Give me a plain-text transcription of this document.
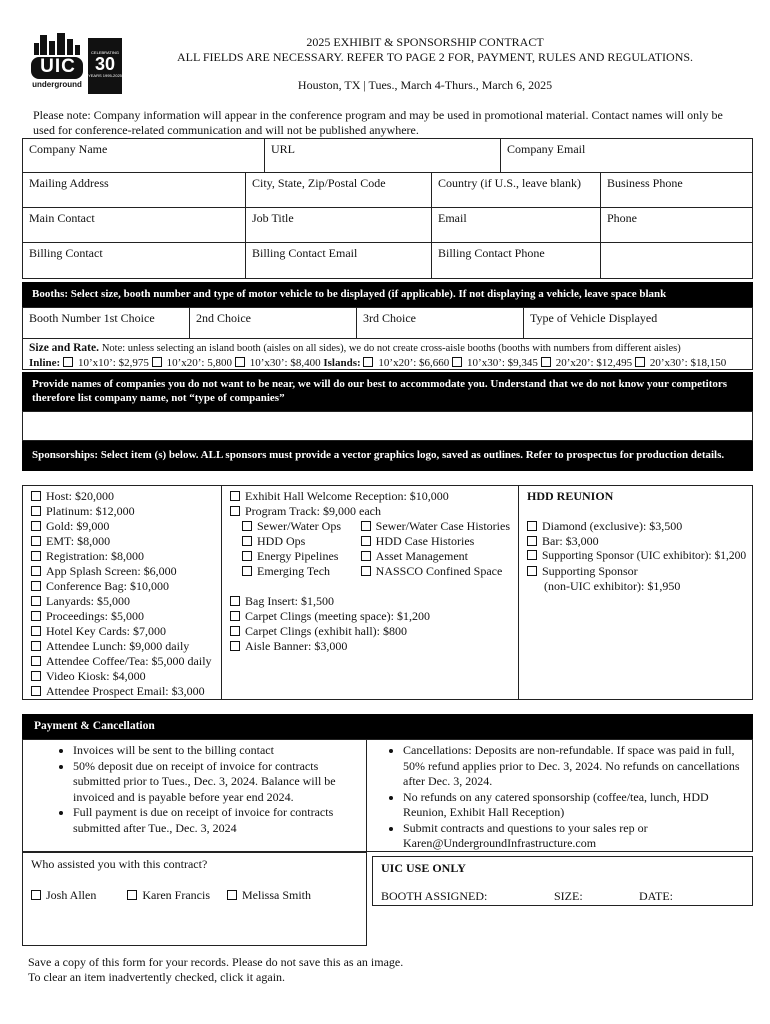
UIC
underground
CELEBRATING
30
YEARS 1995-2025
2025 EXHIBIT & SPONSORSHIP CONTRACT
ALL FIELDS ARE NECESSARY. REFER TO PAGE 2 FOR, PAYMENT, RULES AND REGULATIONS.
Houston, TX | Tues., March 4-Thurs., March 6, 2025
Please note: Company information will appear in the conference program and may be used in promotional material. Contact names will only be used for conference-related communication and will not be published anywhere.
Company Name	URL	Company Email
Mailing Address	City, State, Zip/Postal Code	Country (if U.S., leave blank)	Business Phone
Main Contact	Job Title	Email	Phone
Billing Contact	Billing Contact Email	Billing Contact Phone
Booths: Select size, booth number and type of motor vehicle to be displayed (if applicable). If not displaying a vehicle, leave space blank
Booth Number 1st Choice	2nd Choice	3rd Choice	Type of Vehicle Displayed
Size and Rate. Note: unless selecting an island booth (aisles on all sides), we do not create cross-aisle booths (booths with numbers from different aisles)
Inline: 10’x10’: $2,975 10’x20’: 5,800 10’x30’: $8,400 Islands: 10’x20’: $6,660 10’x30’: $9,345 20’x20’: $12,495 20’x30’: $18,150
Provide names of companies you do not want to be near, we will do our best to accommodate you. Understand that we do not know your competitors therefore list company name, not “type of companies”
Sponsorships: Select item (s) below. ALL sponsors must provide a vector graphics logo, saved as outlines. Refer to prospectus for production details.
Host: $20,000
Platinum: $12,000
Gold: $9,000
EMT: $8,000
Registration: $8,000
App Splash Screen: $6,000
Conference Bag: $10,000
Lanyards: $5,000
Proceedings: $5,000
Hotel Key Cards: $7,000
Attendee Lunch: $9,000 daily
Attendee Coffee/Tea: $5,000 daily
Video Kiosk: $4,000
Attendee Prospect Email: $3,000
Exhibit Hall Welcome Reception: $10,000
Program Track: $9,000 each
Sewer/Water Ops
HDD Ops
Energy Pipelines
Emerging Tech
Sewer/Water Case Histories
HDD Case Histories
Asset Management
NASSCO Confined Space
Bag Insert: $1,500
Carpet Clings (meeting space): $1,200
Carpet Clings (exhibit hall): $800
Aisle Banner: $3,000
HDD REUNION
Diamond (exclusive): $3,500
Bar: $3,000
Supporting Sponsor (UIC exhibitor): $1,200
Supporting Sponsor
(non-UIC exhibitor): $1,950
Payment & Cancellation
• Invoices will be sent to the billing contact
• 50% deposit due on receipt of invoice for contracts submitted prior to Tues., Dec. 3, 2024. Balance will be invoiced and is payable before year end 2024.
• Full payment is due on receipt of invoice for contracts submitted after Tue., Dec. 3, 2024
• Cancellations: Deposits are non-refundable. If space was paid in full, 50% refund applies prior to Dec. 3, 2024. No refunds on cancellations after Dec. 3, 2024.
• No refunds on any catered sponsorship (coffee/tea, lunch, HDD Reunion, Exhibit Hall Reception)
• Submit contracts and questions to your sales rep or Karen@UndergroundInfrastructure.com
Who assisted you with this contract?
Josh Allen	Karen Francis	Melissa Smith
UIC USE ONLY
BOOTH ASSIGNED:	SIZE:	DATE:
Save a copy of this form for your records. Please do not save this as an image.
To clear an item inadvertently checked, click it again.
